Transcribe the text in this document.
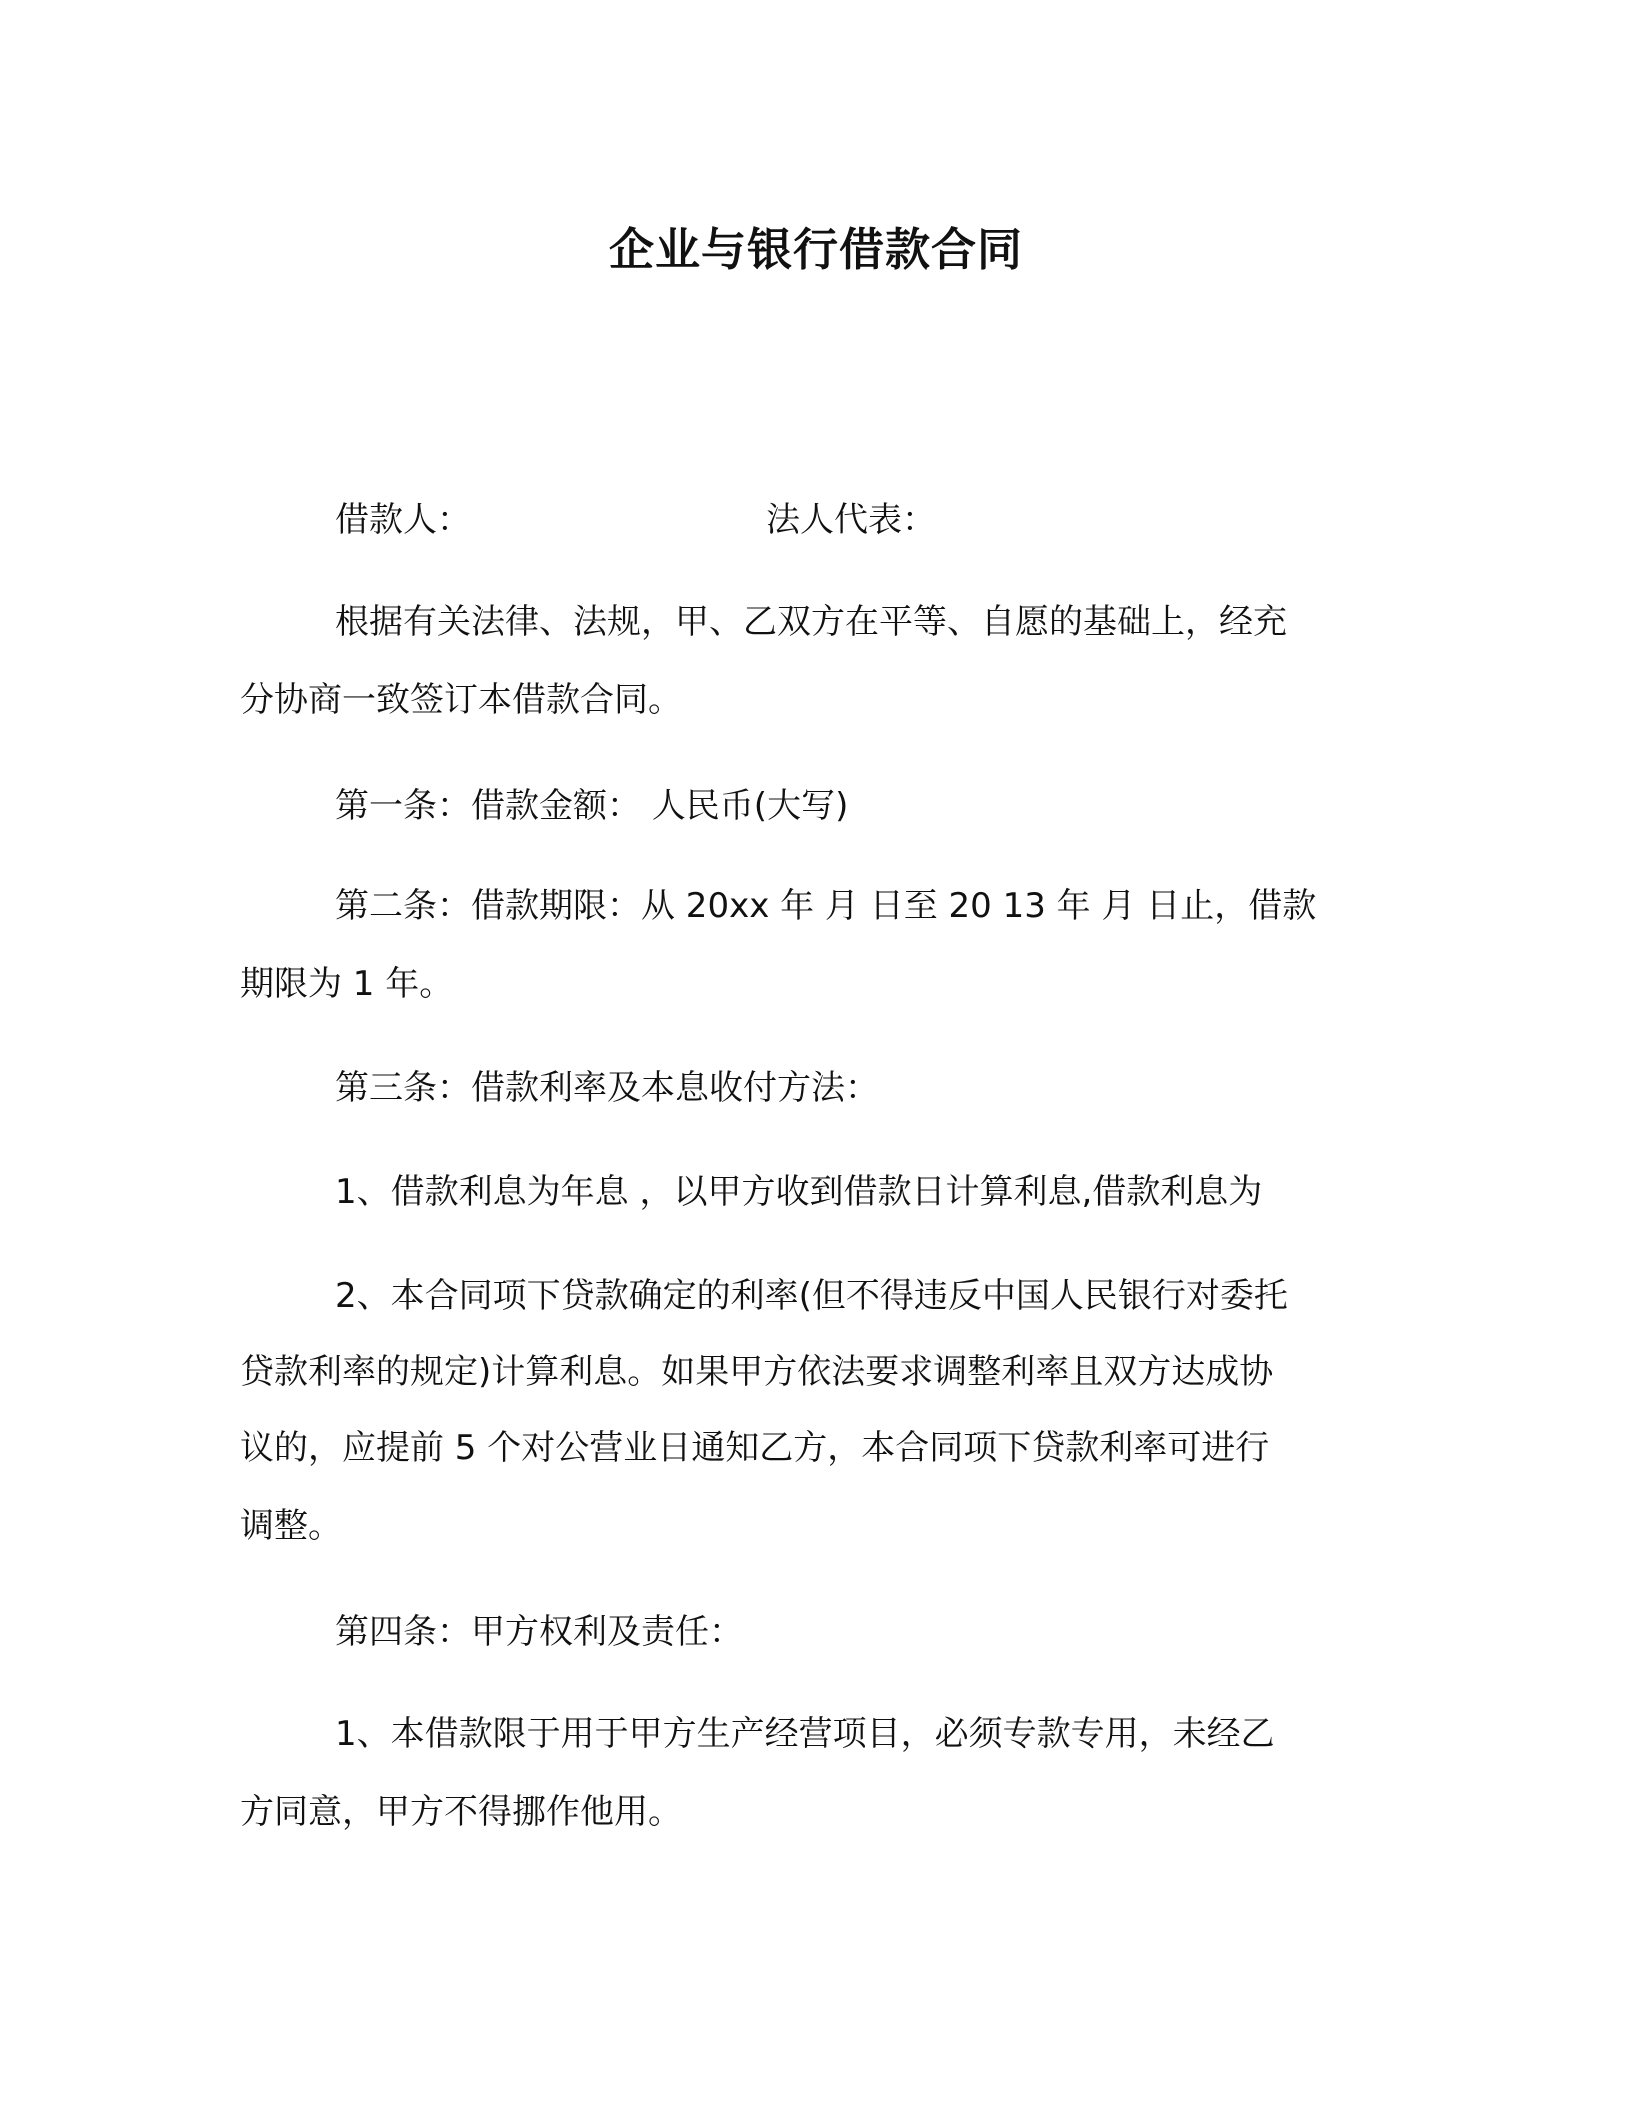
企业与银行借款合同
借款人：	法人代表：

根据有关法律、法规，甲、乙双方在平等、自愿的基础上，经充

分协商一致签订本借款合同。

第一条：借款金额： 人民币(大写)

第二条：借款期限：从 20xx 年 月 日至 20 13 年 月 日止，借款

期限为 1 年。

第三条：借款利率及本息收付方法：

1、借款利息为年息 ，以甲方收到借款日计算利息,借款利息为

2、本合同项下贷款确定的利率(但不得违反中国人民银行对委托

贷款利率的规定)计算利息。如果甲方依法要求调整利率且双方达成协

议的，应提前 5 个对公营业日通知乙方，本合同项下贷款利率可进行

调整。

第四条：甲方权利及责任：

1、本借款限于用于甲方生产经营项目，必须专款专用，未经乙

方同意，甲方不得挪作他用。
